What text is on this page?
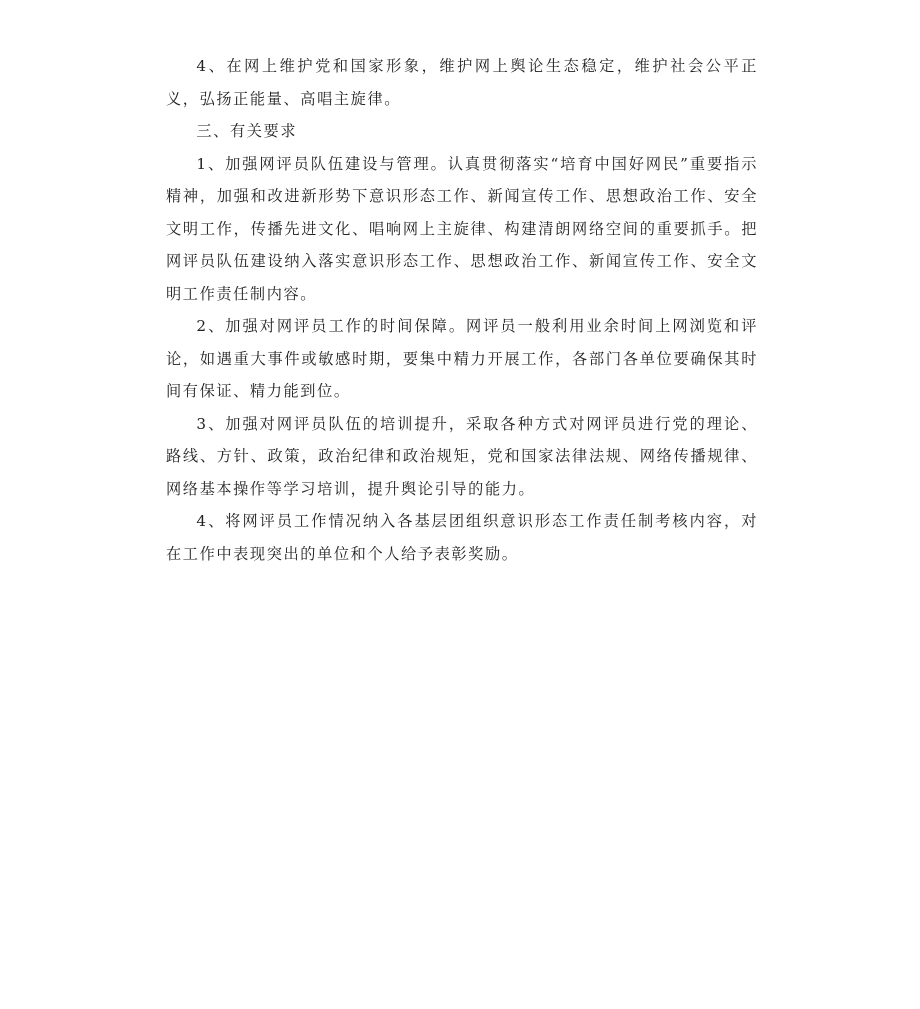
4、在网上维护党和国家形象，维护网上舆论生态稳定，维护社会公平正义，弘扬正能量、高唱主旋律。

三、有关要求

1、加强网评员队伍建设与管理。认真贯彻落实“培育中国好网民”重要指示精神，加强和改进新形势下意识形态工作、新闻宣传工作、思想政治工作、安全文明工作，传播先进文化、唱响网上主旋律、构建清朗网络空间的重要抓手。把网评员队伍建设纳入落实意识形态工作、思想政治工作、新闻宣传工作、安全文明工作责任制内容。

2、加强对网评员工作的时间保障。网评员一般利用业余时间上网浏览和评论，如遇重大事件或敏感时期，要集中精力开展工作，各部门各单位要确保其时间有保证、精力能到位。

3、加强对网评员队伍的培训提升，采取各种方式对网评员进行党的理论、路线、方针、政策，政治纪律和政治规矩，党和国家法律法规、网络传播规律、网络基本操作等学习培训，提升舆论引导的能力。

4、将网评员工作情况纳入各基层团组织意识形态工作责任制考核内容，对在工作中表现突出的单位和个人给予表彰奖励。
